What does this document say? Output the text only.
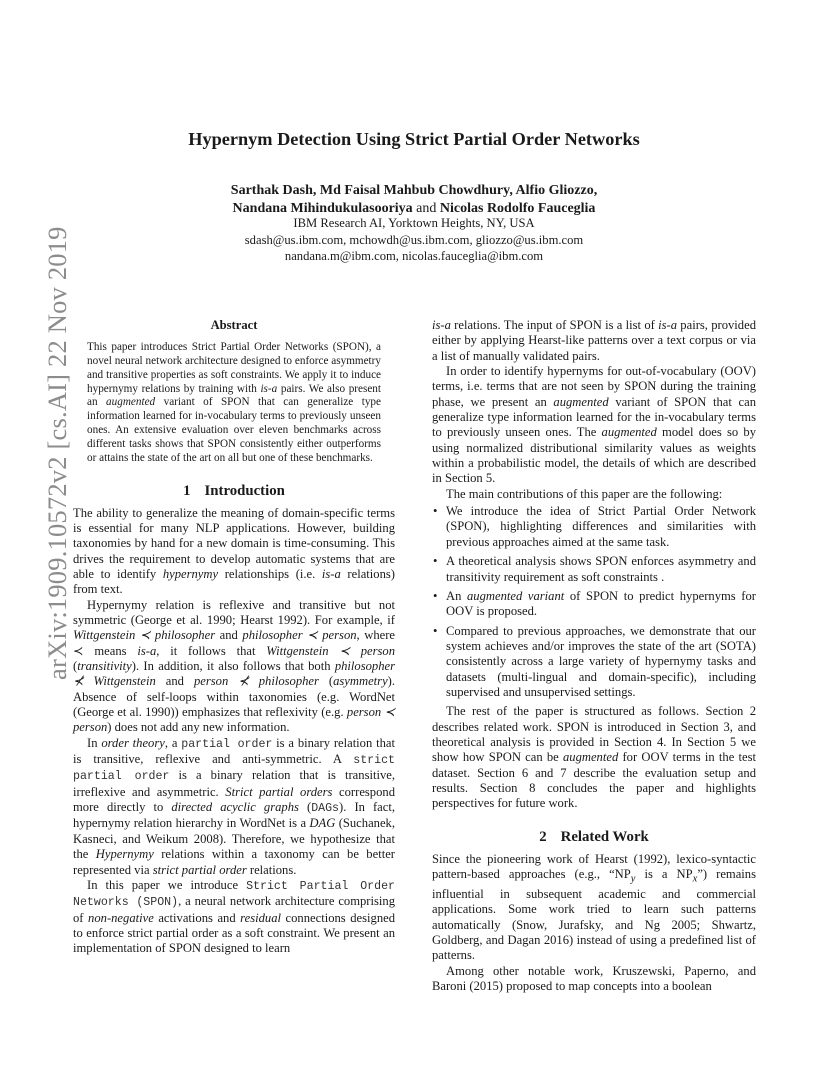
arXiv:1909.10572v2 [cs.AI] 22 Nov 2019
Hypernym Detection Using Strict Partial Order Networks
Sarthak Dash, Md Faisal Mahbub Chowdhury, Alfio Gliozzo,
Nandana Mihindukulasooriya and Nicolas Rodolfo Fauceglia
IBM Research AI, Yorktown Heights, NY, USA
sdash@us.ibm.com, mchowdh@us.ibm.com, gliozzo@us.ibm.com
nandana.m@ibm.com, nicolas.fauceglia@ibm.com
Abstract

This paper introduces Strict Partial Order Networks (SPON), a novel neural network architecture designed to enforce asymmetry and transitive properties as soft constraints. We apply it to induce hypernymy relations by training with is-a pairs. We also present an augmented variant of SPON that can generalize type information learned for in-vocabulary terms to previously unseen ones. An extensive evaluation over eleven benchmarks across different tasks shows that SPON consistently either outperforms or attains the state of the art on all but one of these benchmarks.

1 Introduction

The ability to generalize the meaning of domain-specific terms is essential for many NLP applications. However, building taxonomies by hand for a new domain is time-consuming. This drives the requirement to develop automatic systems that are able to identify hypernymy relationships (i.e. is-a relations) from text.

Hypernymy relation is reflexive and transitive but not symmetric (George et al. 1990; Hearst 1992). For example, if Wittgenstein ≺ philosopher and philosopher ≺ person, where ≺ means is-a, it follows that Wittgenstein ≺ person (transitivity). In addition, it also follows that both philosopher ⊀ Wittgenstein and person ⊀ philosopher (asymmetry). Absence of self-loops within taxonomies (e.g. WordNet (George et al. 1990)) emphasizes that reflexivity (e.g. person ≺ person) does not add any new information.

In order theory, a partial order is a binary relation that is transitive, reflexive and anti-symmetric. A strict partial order is a binary relation that is transitive, irreflexive and asymmetric. Strict partial orders correspond more directly to directed acyclic graphs (DAGs). In fact, hypernymy relation hierarchy in WordNet is a DAG (Suchanek, Kasneci, and Weikum 2008). Therefore, we hypothesize that the Hypernymy relations within a taxonomy can be better represented via strict partial order relations.

In this paper we introduce Strict Partial Order Networks (SPON), a neural network architecture comprising of non-negative activations and residual connections designed to enforce strict partial order as a soft constraint. We present an implementation of SPON designed to learn

is-a relations. The input of SPON is a list of is-a pairs, provided either by applying Hearst-like patterns over a text corpus or via a list of manually validated pairs.

In order to identify hypernyms for out-of-vocabulary (OOV) terms, i.e. terms that are not seen by SPON during the training phase, we present an augmented variant of SPON that can generalize type information learned for the in-vocabulary terms to previously unseen ones. The augmented model does so by using normalized distributional similarity values as weights within a probabilistic model, the details of which are described in Section 5.

The main contributions of this paper are the following:

• We introduce the idea of Strict Partial Order Network (SPON), highlighting differences and similarities with previous approaches aimed at the same task.
• A theoretical analysis shows SPON enforces asymmetry and transitivity requirement as soft constraints .
• An augmented variant of SPON to predict hypernyms for OOV is proposed.
• Compared to previous approaches, we demonstrate that our system achieves and/or improves the state of the art (SOTA) consistently across a large variety of hypernymy tasks and datasets (multi-lingual and domain-specific), including supervised and unsupervised settings.

The rest of the paper is structured as follows. Section 2 describes related work. SPON is introduced in Section 3, and theoretical analysis is provided in Section 4. In Section 5 we show how SPON can be augmented for OOV terms in the test dataset. Section 6 and 7 describe the evaluation setup and results. Section 8 concludes the paper and highlights perspectives for future work.

2 Related Work

Since the pioneering work of Hearst (1992), lexico-syntactic pattern-based approaches (e.g., “$NP_y$ is a $NP_x$”) remains influential in subsequent academic and commercial applications. Some work tried to learn such patterns automatically (Snow, Jurafsky, and Ng 2005; Shwartz, Goldberg, and Dagan 2016) instead of using a predefined list of patterns.

Among other notable work, Kruszewski, Paperno, and Baroni (2015) proposed to map concepts into a boolean
